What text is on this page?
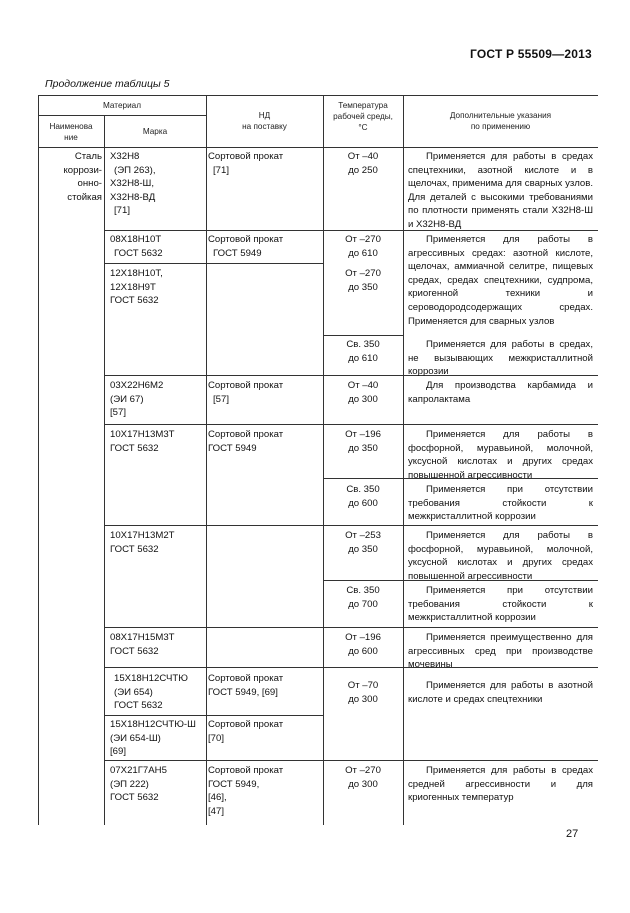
ГОСТ Р 55509—2013
Продолжение таблицы 5
Материал
Наименова
ние
Марка
НД
на поставку
Температура
рабочей среды,
°C
Дополнительные указания
по применению
Сталь
коррози-
онно-
стойкая
Х32Н8
(ЭП 263),
Х32Н8-Ш,
Х32Н8-ВД
[71]
Сортовой прокат
[71]
От –40
до 250
Применяется для работы в средах спецтехники, азотной кислоте и в щелочах, применима для сварных узлов. Для деталей с высокими требованиями по плотности применять стали Х32Н8-Ш и Х32Н8-ВД
08Х18Н10Т
ГОСТ 5632
Сортовой прокат
ГОСТ 5949
От –270
до 610
Применяется для работы в агрессивных средах: азотной кислоте, щелочах, аммиачной селитре, пищевых средах, средах спецтехники, судпрома, криогенной техники и сероводородсодержащих средах. Применяется для сварных узлов
12Х18Н10Т,
12Х18Н9Т
ГОСТ 5632
От –270
до 350
Св. 350
до 610
Применяется для работы в средах, не вызывающих межкристаллитной коррозии
03Х22Н6М2
(ЭИ 67)
[57]
Сортовой прокат
[57]
От –40
до 300
Для производства карбамида и капролактама
10Х17Н13М3Т
ГОСТ 5632
Сортовой прокат
ГОСТ 5949
От –196
до 350
Применяется для работы в фосфорной, муравьиной, молочной, уксусной кислотах и других средах повышенной агрессивности
Св. 350
до 600
Применяется при отсутствии требования стойкости к межкристаллитной коррозии
10Х17Н13М2Т
ГОСТ 5632
От –253
до 350
Применяется для работы в фосфорной, муравьиной, молочной, уксусной кислотах и других средах повышенной агрессивности
Св. 350
до 700
Применяется при отсутствии требования стойкости к межкристаллитной коррозии
08Х17Н15М3Т
ГОСТ 5632
От –196
до 600
Применяется преимущественно для агрессивных сред при производстве мочевины
15Х18Н12СЧТЮ
(ЭИ 654)
ГОСТ 5632
Сортовой прокат
ГОСТ 5949, [69]
От –70
до 300
Применяется для работы в азотной кислоте и средах спецтехники
15Х18Н12СЧТЮ-Ш
(ЭИ 654-Ш)
[69]
Сортовой прокат
[70]
07Х21Г7АН5
(ЭП 222)
ГОСТ 5632
Сортовой прокат
ГОСТ 5949,
[46],
[47]
От –270
до 300
Применяется для работы в средах средней агрессивности и для криогенных температур
27
